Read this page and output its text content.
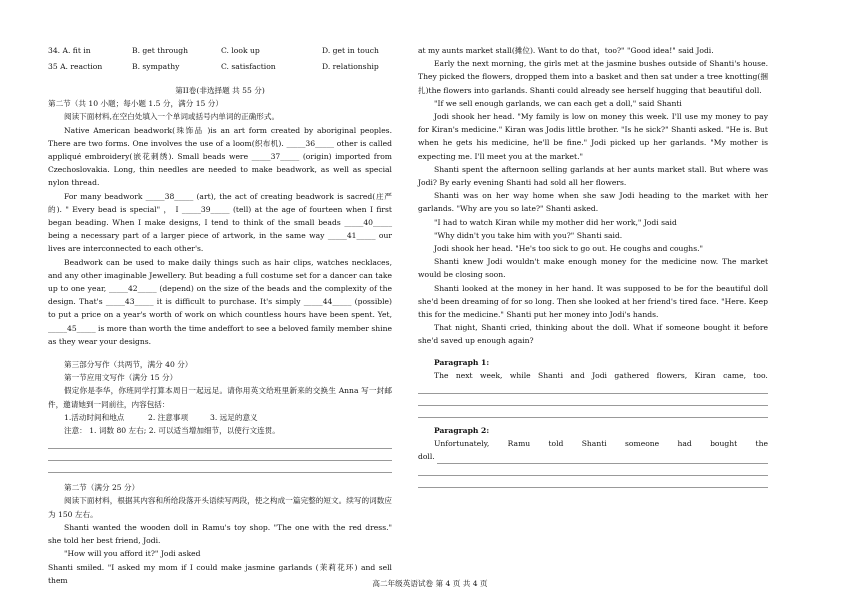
34. A. fit in	B. get through	C. look up	D. get in touch
35 A. reaction	B. sympathy	C. satisfaction	D. relationship

第II卷(非选择题 共 55 分)

第二节（共 10 小题；每小题 1.5 分，满分 15 分）

阅读下面材料,在空白处填入一个单词或括号内单词的正确形式。

Native American beadwork(珠饰品 )is an art form created by aboriginal peoples. There are two forms. One involves the use of a loom(织布机). _____36_____ other is called appliqué embroidery(嵌花刺绣). Small beads were _____37_____ (origin) imported from Czechoslovakia. Long, thin needles are needed to make beadwork, as well as special nylon thread.

For many beadwork _____38_____ (art), the act of creating beadwork is sacred(庄严的). " Every bead is special" ， I _____39_____ (tell) at the age of fourteen when I first began beading. When I make designs, I tend to think of the small beads _____40_____ being a necessary part of a larger piece of artwork, in the same way _____41_____ our lives are interconnected to each other's.

Beadwork can be used to make daily things such as hair clips, watches necklaces, and any other imaginable Jewellery. But beading a full costume set for a dancer can take up to one year, _____42_____ (depend) on the size of the beads and the complexity of the design. That's _____43_____ it is difficult to purchase. It's simply _____44_____ (possible) to put a price on a year's worth of work on which countless hours have been spent. Yet, _____45_____ is more than worth the time andeffort to see a beloved family member shine as they wear your designs.

第三部分写作（共两节，满分 40 分）

第一节应用文写作（满分 15 分）

假定你是李华，你班同学打算本周日一起远足。请你用英文给班里新来的交换生 Anna 写一封邮件，邀请她到一同前往，内容包括：

1.活动时间和地点	2. 注意事项	3. 远足的意义

注意： 1. 词数 80 左右; 2. 可以适当增加细节，以使行文连贯。

第二节（满分 25 分）

阅读下面材料，根据其内容和所给段落开头语续写两段，使之构成一篇完整的短文。续写的词数应为 150 左右。

Shanti wanted the wooden doll in Ramu's toy shop. "The one with the red dress." she told her best friend, Jodi.

"How will you afford it?" Jodi asked

Shanti smiled. "I asked my mom if I could make jasmine garlands (茉莉花环) and sell them

at my aunts market stall(摊位). Want to do that，too?" "Good idea!" said Jodi.

Early the next morning, the girls met at the jasmine bushes outside of Shanti's house. They picked the flowers, dropped them into a basket and then sat under a tree knotting(捆扎)the flowers into garlands. Shanti could already see herself hugging that beautiful doll.

"If we sell enough garlands, we can each get a doll," said Shanti

Jodi shook her head. "My family is low on money this week. I'll use my money to pay for Kiran's medicine." Kiran was Jodis little brother. "Is he sick?" Shanti asked. "He is. But when he gets his medicine, he'll be fine." Jodi picked up her garlands. "My mother is expecting me. I'll meet you at the market."

Shanti spent the afternoon selling garlands at her aunts market stall. But where was Jodi? By early evening Shanti had sold all her flowers.

Shanti was on her way home when she saw Jodi heading to the market with her garlands. "Why are you so late?" Shanti asked.

"I had to watch Kiran while my mother did her work," Jodi said

"Why didn't you take him with you?" Shanti said.

Jodi shook her head. "He's too sick to go out. He coughs and coughs."

Shanti knew Jodi wouldn't make enough money for the medicine now. The market would be closing soon.

Shanti looked at the money in her hand. It was supposed to be for the beautiful doll she'd been dreaming of for so long. Then she looked at her friend's tired face. "Here. Keep this for the medicine." Shanti put her money into Jodi's hands.

That night, Shanti cried, thinking about the doll. What if someone bought it before she'd saved up enough again?

Paragraph 1:

The next week, while Shanti and Jodi gathered flowers, Kiran came, too.

Paragraph 2:

Unfortunately, Ramu told Shanti someone had bought the
doll.
高二年级英语试卷 第 4 页 共 4 页
